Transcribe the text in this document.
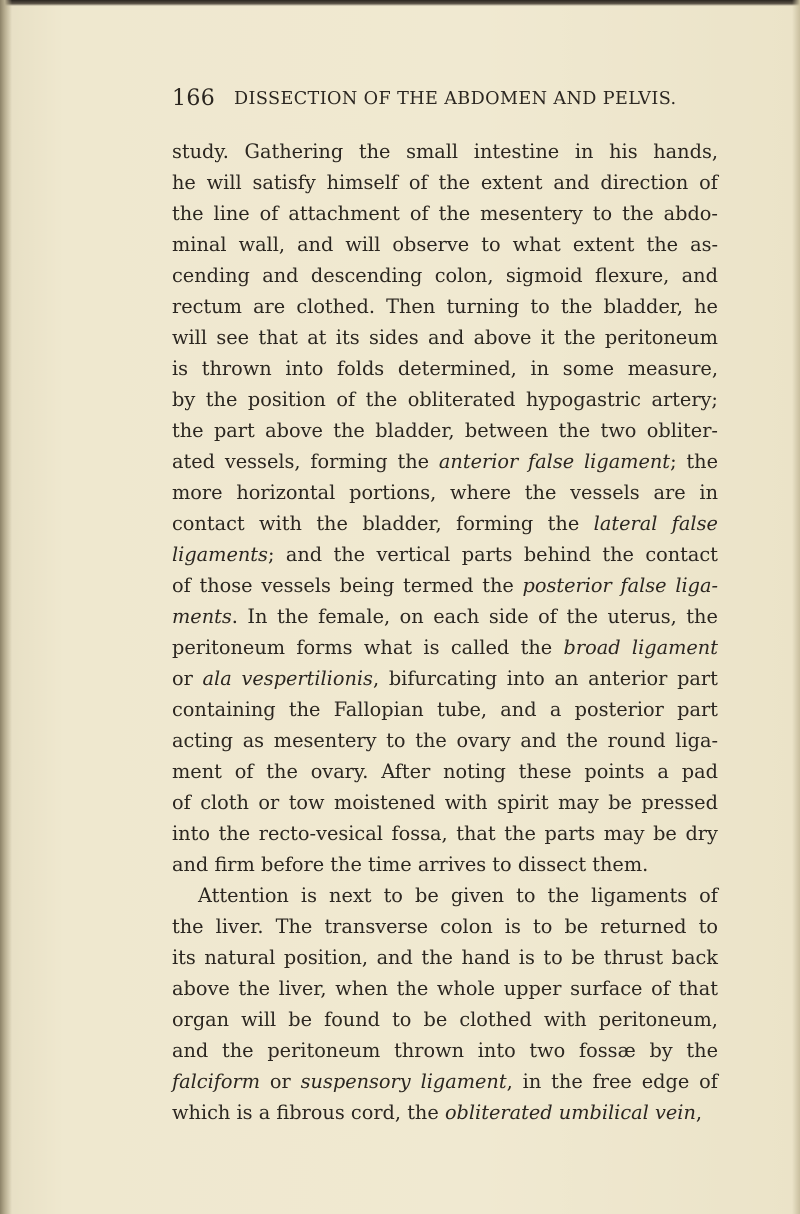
166 DISSECTION OF THE ABDOMEN AND PELVIS.
study. Gathering the small intestine in his hands,
he will satisfy himself of the extent and direction of
the line of attachment of the mesentery to the abdo-
minal wall, and will observe to what extent the as-
cending and descending colon, sigmoid flexure, and
rectum are clothed. Then turning to the bladder, he
will see that at its sides and above it the peritoneum
is thrown into folds determined, in some measure,
by the position of the obliterated hypogastric artery;
the part above the bladder, between the two obliter-
ated vessels, forming the anterior false ligament; the
more horizontal portions, where the vessels are in
contact with the bladder, forming the lateral false
ligaments; and the vertical parts behind the contact
of those vessels being termed the posterior false liga-
ments. In the female, on each side of the uterus, the
peritoneum forms what is called the broad ligament
or ala vespertilionis, bifurcating into an anterior part
containing the Fallopian tube, and a posterior part
acting as mesentery to the ovary and the round liga-
ment of the ovary. After noting these points a pad
of cloth or tow moistened with spirit may be pressed
into the recto-vesical fossa, that the parts may be dry
and firm before the time arrives to dissect them.
Attention is next to be given to the ligaments of
the liver. The transverse colon is to be returned to
its natural position, and the hand is to be thrust back
above the liver, when the whole upper surface of that
organ will be found to be clothed with peritoneum,
and the peritoneum thrown into two fossæ by the
falciform or suspensory ligament, in the free edge of
which is a fibrous cord, the obliterated umbilical vein,
